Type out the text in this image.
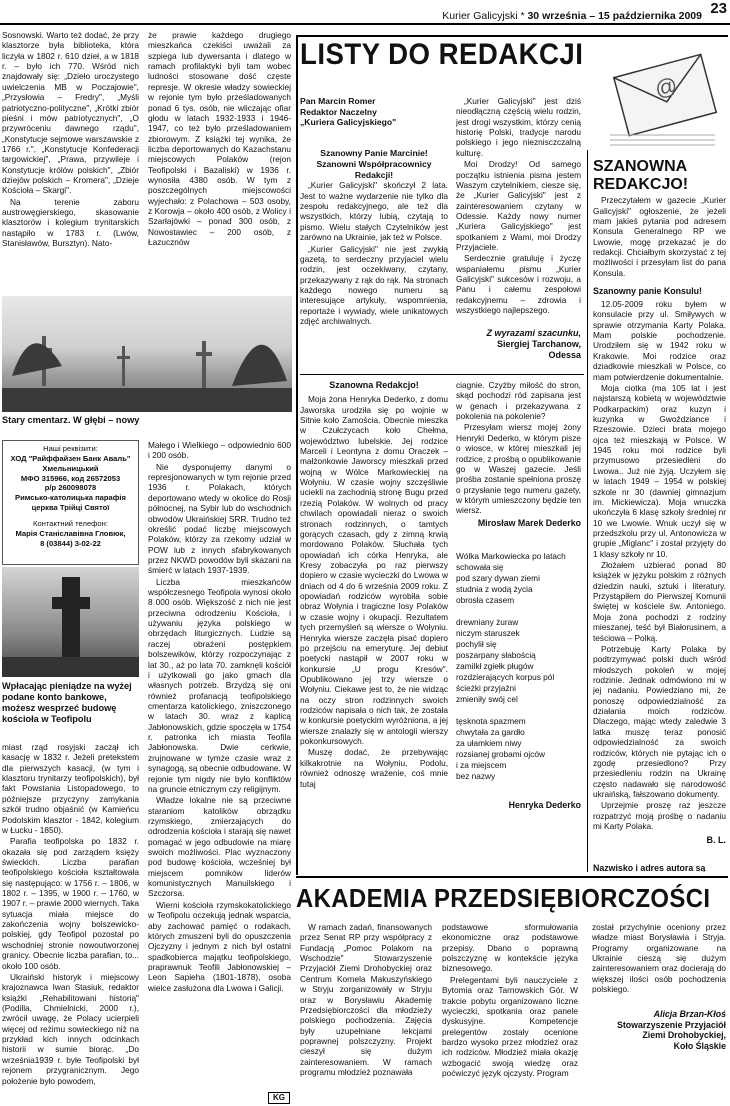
Kurier Galicyjski * 30 września – 15 października 2009 23

Sosnowski. Warto też dodać, że przy klasztorze była biblioteka, która liczyła w 1802 r. 610 dzieł, a w 1818 r. – było ich 770. Wśród nich znajdowały się: „Dzieło uroczystego uwielczenia MB w Poczajowie", „Przysłowia – Fredry", „Myśli patriotyczno-polityczne", „Krótki zbiór pieśni i mów patriotycznych", „O przywróceniu dawnego rządu", „Konstytucje sejmowe warszawskie z 1766 r.", „Konstytucje Konfederacji targowickiej", „Prawa, przywileje i Konstytucje królów polskich", „Zbiór dziejów polskich – Kromera", „Dzieje Kościoła – Skargi".

Na terenie zaboru austrowęgierskiego, skasowanie klasztorów i kolegium trynitarskich nastąpiło w 1783 r. (Lwów, Stanisławów, Bursztyn). Nato-

Stary cmentarz. W głębi – nowy
Наші реквізити:
ХОД "Райффайзен Банк Аваль"
Хмельницький
МФО 315966, код 26572053
р/р 260098078
Римсько-католицька парафія
церква Трійці Святої
Контактний телефон:
Марія Станіславівна Гловюк,
8 (03844) 3-02-22
Wpłacając pieniądze na wyżej podane konto bankowe, możesz wesprzeć budowę kościoła w Teofipolu

miast rząd rosyjski zaczął ich kasację w 1832 r. Jeżeli pretekstem dla pierwszych kasacji, (w tym i klasztoru trynitarzy teofipolskich), był fakt Powstania Listopadowego, to późniejsze przyczyny zamykania szkół trudno objaśnić (w Kamieńcu Podolskim klasztor - 1842, kolegium w Łucku - 1850).

Parafia teofipolska po 1832 r. okazała się pod zarządem księży świeckich. Liczba parafian teofipolskiego kościoła kształtowała się następująco: w 1756 r. – 1806, w 1802 r. – 1395, w 1900 r. – 1760, w 1907 r. – prawie 2000 wiernych. Taka sytuacja miała miejsce do zakończenia wojny bolszewicko-polskiej, gdy Teofipol pozostał po wschodniej stronie nowoutworzonej granicy. Obecnie liczba parafian, to... około 100 osób.

Ukraiński historyk i miejscowy krajoznawca Iwan Stasiuk, redaktor książki „Rehabilitowani historią" (Podilla, Chmielnicki, 2000 r.), zwrócił uwagę, że Polacy ucierpieli więcej od reżimu sowieckiego niż na przykład kich innych odcinkach historii w sumie biorąc. „Do września1939 r. byłe Teofipolski był rejonem przygranicznym. Jego położenie było powodem,

że prawie każdego drugiego mieszkańca czekiści uważali za szpiega lub dywersanta i dlatego w ramach profilaktyki byli tam wobec ludności stosowane dość częste represje. W okresie władzy sowieckiej w rejonie tym było prześladowanych ponad 6 tys. osób, nie wliczając ofiar głodu w latach 1932-1933 i 1946-1947, co też było prześladowaniem zbiorowym. Z książki tej wynika, że liczba deportowanych do Kazachstanu miejscowych Polaków (rejon Teofipolski i Bazaliski) w 1936 r. wynosiła 4380 osób. W tym z poszczególnych miejscowości wyjechało: z Polachowa – 503 osoby, z Korowja – około 400 osób, z Wolicy i Szarłajówki – ponad 300 osób, z Nowostawiec – 200 osób, z Łazucznów

Małego i Wielkiego – odpowiednio 600 i 200 osób.

Nie dysponujemy danymi o represjonowanych w tym rejonie przed 1936 r. Polakach, których deportowano wtedy w okolice do Rosji północnej, na Sybir lub do wschodnich obwodów Ukraińskiej SRR. Trudno też określić podać liczbę miejscowych Polaków, którzy za rzekomy udział w POW lub z innych sfabrykowanych przez NKWD powodów byli skazani na śmierć w latach 1937-1939.

Liczba mieszkańców współczesnego Teofipola wynosi około 8 000 osób. Większość z nich nie jest przeciwna odrodzeniu Kościoła, i używaniu języka polskiego w obrzędach liturgicznych. Ludzie są raczej obrażeni postępkiem bolszewików, którzy rozpoczynając z lat 30., aż po lata 70. zamknęli kościół i użytkowali go jako gmach dla własnych potrzeb. Brzydzą się oni również profanacją teofipolskiego cmentarza katolickiego, zniszczonego w latach 30. wraz z kaplicą Jabłonowskich, gdzie spoczęła w 1754 r. patronka ich miasta Teofila Jabłonowska. Dwie cerkwie, zrujnowane w tymże czasie wraz z synagogą, są obecnie odbudowane. W rejonie tym nigdy nie było konfliktów na gruncie etnicznym czy religijnym.

Władze lokalne nie są przeciwne staraniom katolików obrządku rzymskiego, zmierzających do odrodzenia kościoła i starają się nawet pomagać w jego odbudowie na miarę swoich możliwości. Plac wyznaczony pod budowę kościoła, wcześniej był miejscem pomników liderów komunistycznych Manuilskiego i Szczorsa.

Wierni kościoła rzymskokatolickiego w Teofipolu oczekują jednak wsparcia, aby zachować pamięć o rodakach, których zmuszeni byli do opuszczenia Ojczyzny i jednym z nich był ostatni spadkobierca majątku teofipolskiego, praprawnuk Teofili Jabłonowskiej – Leon Sapieha (1801-1878), osoba wielce zasłużona dla Lwowa i Galicji.

LISTY DO REDAKCJI
@
Pan Marcin Romer
Redaktor Naczelny
„Kuriera Galicyjskiego"
Szanowny Panie Marcinie!
Szanowni Współpracownicy
Redakcji!

„Kurier Galicyjski" skończył 2 lata. Jest to ważne wydarzenie nie tylko dla zespołu redakcyjnego, ale też dla wszystkich, którzy lubią, czytają to pismo. Wielu stałych Czytelników jest zarówno na Ukrainie, jak też w Polsce.

„Kurier Galicyjski" nie jest zwykłą gazetą, to serdeczny przyjaciel wielu rodzin, jest oczekiwany, czytany, przekazywany z rąk do rąk. Na stronach każdego nowego numeru są interesujące artykuły, wspomnienia, reportaże i wywiady, wiele unikatowych zdjęć archiwalnych.

„Kurier Galicyjski" jest dziś nieodłączną częścią wielu rodzin, jest drogi wszystkim, którzy cenią historię Polski, tradycje narodu polskiego i jego nieznisczczalną kulturę.

Moi Drodzy! Od samego początku istnienia pisma jestem Waszym czytelnikiem, ciesze się, że „Kurier Galicyjski" jest z zainteresowaniem czytany w Odessie. Każdy nowy numer „Kuriera Galicyjskiego" jest spotkaniem z Wami, moi Drodzy Przyjaciele.

Serdecznie gratuluję i życzę wspaniałemu pismu „Kurier Galicyjski" sukcesów i rozwoju, a Panu i całemu zespołowi redakcyjnemu – zdrowia i wszystkiego najlepszego.

Z wyrazami szacunku,
Siergiej Tarchanow,
Odessa
Szanowna Redakcjo!

Moja żona Henryka Dederko, z domu Jaworska urodziła się po wojnie w Sitnie koło Zamościa. Obecnie mieszka w Czułczycach koło Chełma, województwo lubelskie. Jej rodzice Marceli i Leontyna z domu Oraczek – małżonkowie Jaworscy mieszkali przed wojną w Wólce Markowieckiej na Wołyniu. W czasie wojny szczęśliwie uciekli na zachodnią stronę Bugu przed rzezią Polaków. W wolnych od pracy chwilach opowiadali nieraz o swoich stronach rodzinnych, o tamtych gorących czasach, gdy z zimną krwią mordowano Polaków. Słuchała tych opowiadań ich córka Henryka, ale Kresy zobaczyła po raz pierwszy dopiero w czasie wycieczki do Lwowa w dniach od 4 do 6 września 2009 roku. Z opowiadań rodziców wyrobiła sobie obraz Wołynia i tragiczne losy Polaków w czasie wojny i okupacji. Rezultatem tych przemyśleń są wiersze o Wołyniu. Henryka wiersze zaczęła pisać dopiero po przejściu na emeryturę. Jej debiut poetycki nastąpił w 2007 roku w konkursie „U progu Kresów". Opublikowano jej trzy wiersze o Wołyniu. Ciekawe jest to, że nie widząc na oczy stron rodzinnych swoich rodziców napisała o nich tak, że została w konkursie poetyckim wyróżniona, a jej wiersze znalazły się w antologii wierszy pokonkursowych.

Muszę dodać, że przebywając kilkakrotnie na Wołyniu, Podolu, również odnoszę wrażenie, coś mnie tutaj

ciagnie. Czyżby miłość do stron, skąd pochodzi ród zapisana jest w genach i przekazywana z pokolenia na pokolenie?

Przesyłam wiersz mojej żony Henryki Dederko, w którym pisze o wiosce, w której mieszkali jej rodzice, z prośbą o opublikowanie go w Waszej gazecie. Jeśli prośba zostanie spełniona proszę o przysłanie tego numeru gazety, w którym umieszczony będzie ten wiersz.

Mirosław Marek Dederko
Wólka Markowiecka po latach
schowała się
pod szary dywan ziemi
studnia z wodą życia
obrosła czasem

drewniany żuraw
niczym staruszek
pochylił się
poszarpany słabością
zamilkł zgiełk pługów
rozdzierających korpus pól
ścieżki przyjaźni
zmieniły swój cel

tęsknota spazmem
chwytała za gardło
za ułamkiem niwy
rozsianej grobami ojców
i za miejscem
bez nazwy
Henryka Dederko
SZANOWNA
REDAKCJO!

Przeczytałem w gazecie „Kurier Galicyjski" ogłoszenie, że jeżeli mam jakieś pytania pod adresem Konsula Generalnego RP we Lwowie, mogę przekazać je do redakcji. Chciałbym skorzystać z tej możliwości i przesyłam list do pana Konsula.

Szanowny panie Konsulu!

12.05-2009 roku byłem w konsulacie przy ul. Smiływych w sprawie otrzymania Karty Polaka. Mam polskie pochodzenie. Urodziłem się w 1942 roku w Krakowie. Moi rodzice oraz dziadkowie mieszkali w Polsce, co mam potwierdzenie dokumentalnie.

Moja ciotka (ma 105 lat i jest najstarszą kobietą w województwie Podkarpackim) oraz kuzyn i kuzynka w Gwoździance i Rzeszowie. Dzieci brata mojego ojca też mieszkają w Polsce. W 1945 roku moi rodzice byli przymusowo przesiedleni do Lwowa.. Już nie żyją. Uczyłem się w latach 1949 – 1954 w polskiej szkole nr 30 (dawniej gimnazjum im. Mickiewicza). Moja wnuczka ukończyła 6 klasę szkoły średniej nr 10 we Lwowie. Wnuk uczył się w przedszkolu przy ul. Antonowicza w grupie „Miglanc" i został przyjęty do 1 klasy szkoły nr 10.

Złożałem uzbierać ponad 80 książek w języku polskim z różnych dziedzin nauki, sztuki i literatury. Przystąpiłem do Pierwszej Komunii świętej w kościele św. Antoniego. Moja żona pochodzi z rodziny mieszanej, teść był Białorusinem, a teściowa – Polką.

Potrzebuję Karty Polaka by podtrzymywać polski duch wśród młodszych pokoleń w mojej rodzinie. Jednak odmówiono mi w jej nadaniu. Powiedziano mi, że ponoszę odpowiedzialność za działania moich rodziców. Dlaczego, mając wtedy zaledwie 3 latka muszę teraz ponosić odpowiedzialność za swoich rodziców, których nie pytając ich o zgodę przesiedlono? Przy przesiedleniu rodzin na Ukrainę często nadawało się narodowość ukraińską, fałszowano dokumenty.

Uprzejmie proszę raz jeszcze rozpatrzyć moją prośbę o nadaniu mi Karty Polaka.

B. L.
Nazwisko i adres autora są
AKADEMIA PRZEDSIĘBIORCZOŚCI

W ramach zadań, finansowanych przez Senat RP przy współpracy z Fundacją „Pomoc Polakom na Wschodzie" Stowarzyszenie Przyjaciół Ziemi Drohobyckiej oraz Centrum Kornela Makuszyńskiego w Stryju zorganizowały w Stryju oraz w Borysławiu Akademię Przedsiębiorczości dla młodzieży polskiego pochodzenia. Zajęcia były uzupełniane lekcjami poprawnej polszczyzny. Projekt cieszył się dużym zainteresowaniem. W ramach programu młodzież poznawała

podstawowe sformułowania ekonomiczne oraz podstawowe przepisy. Dbano o poprawną polszczyznę w kontekście języka biznesowego.

Prelegentami byli nauczyciele z Bytomia oraz Tarnowskich Gór. W trakcie pobytu organizowano liczne wycieczki, spotkania oraz panele dyskusyjne. Kompetencje prelegentów zostały ocenione bardzo wysoko przez młodzież oraz ich rodziców. Młodzież miała okazję wzbogacić swoją wiedzę oraz poćwiczyć język ojczysty. Program

został przychylnie oceniony przez władze miast Borysławia i Stryja. Programy organizowane na Ukrainie cieszą się dużym zainteresowaniem oraz docierają do większej ilości osób pochodzenia polskiego.

Alicja Brzan-Kłoś
Stowarzyszenie Przyjaciół
Ziemi Drohobyckiej,
Koło Śląskie
KG
